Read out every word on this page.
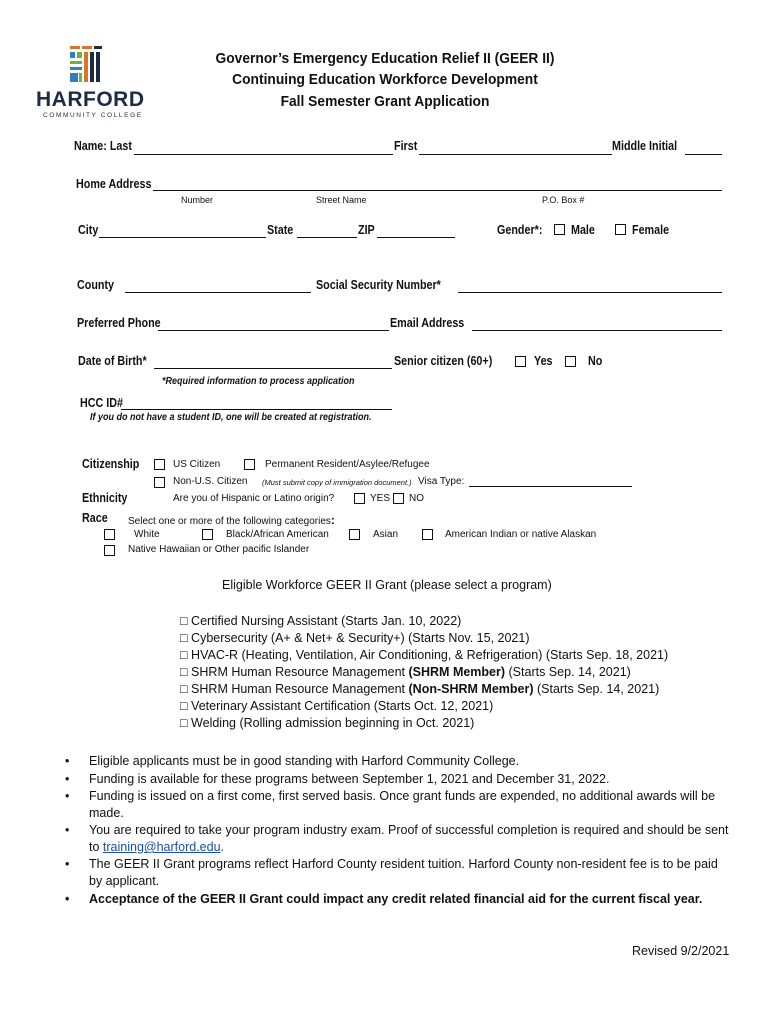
HARFORD
COMMUNITY COLLEGE
Governor’s Emergency Education Relief II (GEER II)
Continuing Education Workforce Development
Fall Semester Grant Application
Name: Last	First	Middle Initial
Home Address
Number	Street Name	P.O. Box #
City	State	ZIP	Gender*: Male	Female
County	Social Security Number*
Preferred Phone	Email Address
Date of Birth*	Senior citizen (60+)	Yes	No
*Required information to process application
HCC ID#
If you do not have a student ID, one will be created at registration.
Citizenship	US Citizen	Permanent Resident/Asylee/Refugee
Non-U.S. Citizen (Must submit copy of immigration document.) Visa Type:
Ethnicity	Are you of Hispanic or Latino origin?	YES NO
Race Select one or more of the following categories:
White	Black/African American	Asian	American Indian or native Alaskan
Native Hawaiian or Other pacific Islander
Eligible Workforce GEER II Grant (please select a program)
□ Certified Nursing Assistant (Starts Jan. 10, 2022)
□ Cybersecurity (A+ & Net+ & Security+) (Starts Nov. 15, 2021)
□ HVAC-R (Heating, Ventilation, Air Conditioning, & Refrigeration) (Starts Sep. 18, 2021)
□ SHRM Human Resource Management (SHRM Member) (Starts Sep. 14, 2021)
□ SHRM Human Resource Management (Non-SHRM Member) (Starts Sep. 14, 2021)
□ Veterinary Assistant Certification (Starts Oct. 12, 2021)
□ Welding (Rolling admission beginning in Oct. 2021)
• Eligible applicants must be in good standing with Harford Community College.
• Funding is available for these programs between September 1, 2021 and December 31, 2022.
• Funding is issued on a first come, first served basis. Once grant funds are expended, no additional awards will be made.
• You are required to take your program industry exam. Proof of successful completion is required and should be sent to training@harford.edu.
• The GEER II Grant programs reflect Harford County resident tuition. Harford County non-resident fee is to be paid by applicant.
• Acceptance of the GEER II Grant could impact any credit related financial aid for the current fiscal year.
Revised 9/2/2021
